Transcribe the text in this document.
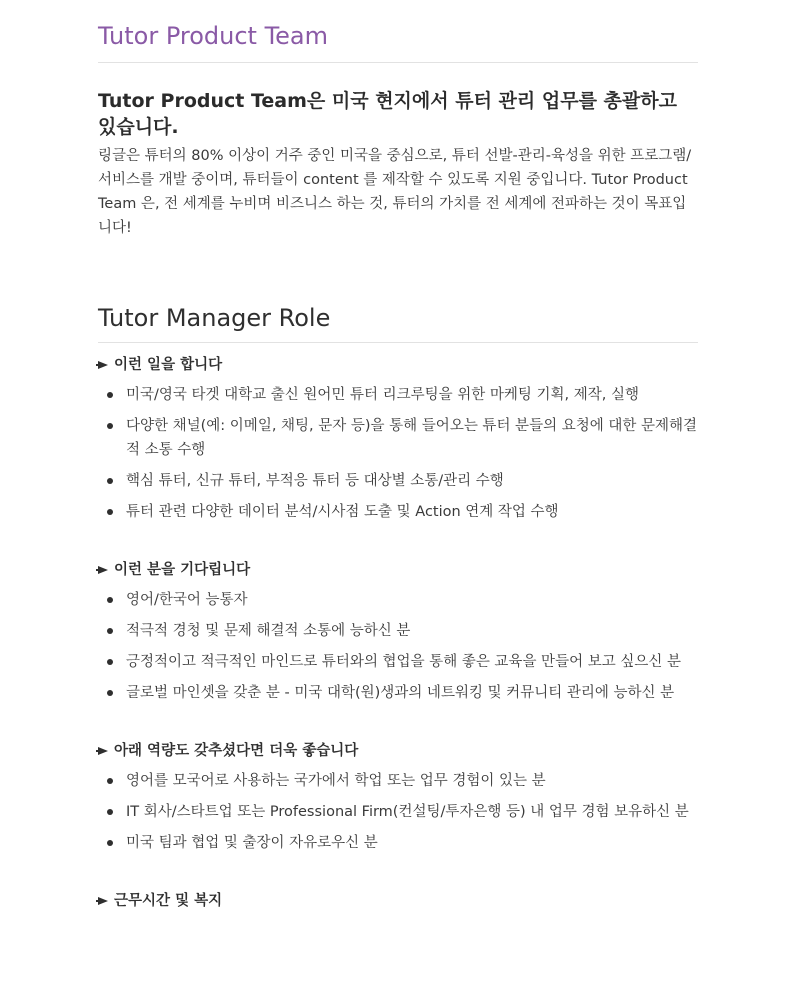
Tutor Product Team
Tutor Product Team은 미국 현지에서 튜터 관리 업무를 총괄하고 있습니다.

링글은 튜터의 80% 이상이 거주 중인 미국을 중심으로, 튜터 선발-관리-육성을 위한 프로그램/서비스를 개발 중이며, 튜터들이 content 를 제작할 수 있도록 지원 중입니다. Tutor Product Team 은, 전 세계를 누비며 비즈니스 하는 것, 튜터의 가치를 전 세계에 전파하는 것이 목표입니다!

Tutor Manager Role
이런 일을 합니다
미국/영국 타겟 대학교 출신 원어민 튜터 리크루팅을 위한 마케팅 기획, 제작, 실행
다양한 채널(예: 이메일, 채팅, 문자 등)을 통해 들어오는 튜터 분들의 요청에 대한 문제해결적 소통 수행
핵심 튜터, 신규 튜터, 부적응 튜터 등 대상별 소통/관리 수행
튜터 관련 다양한 데이터 분석/시사점 도출 및 Action 연계 작업 수행
이런 분을 기다립니다
영어/한국어 능통자
적극적 경청 및 문제 해결적 소통에 능하신 분
긍정적이고 적극적인 마인드로 튜터와의 협업을 통해 좋은 교육을 만들어 보고 싶으신 분
글로벌 마인셋을 갖춘 분 - 미국 대학(원)생과의 네트워킹 및 커뮤니티 관리에 능하신 분
아래 역량도 갖추셨다면 더욱 좋습니다
영어를 모국어로 사용하는 국가에서 학업 또는 업무 경험이 있는 분
IT 회사/스타트업 또는 Professional Firm(컨설팅/투자은행 등) 내 업무 경험 보유하신 분
미국 팀과 협업 및 출장이 자유로우신 분
근무시간 및 복지
